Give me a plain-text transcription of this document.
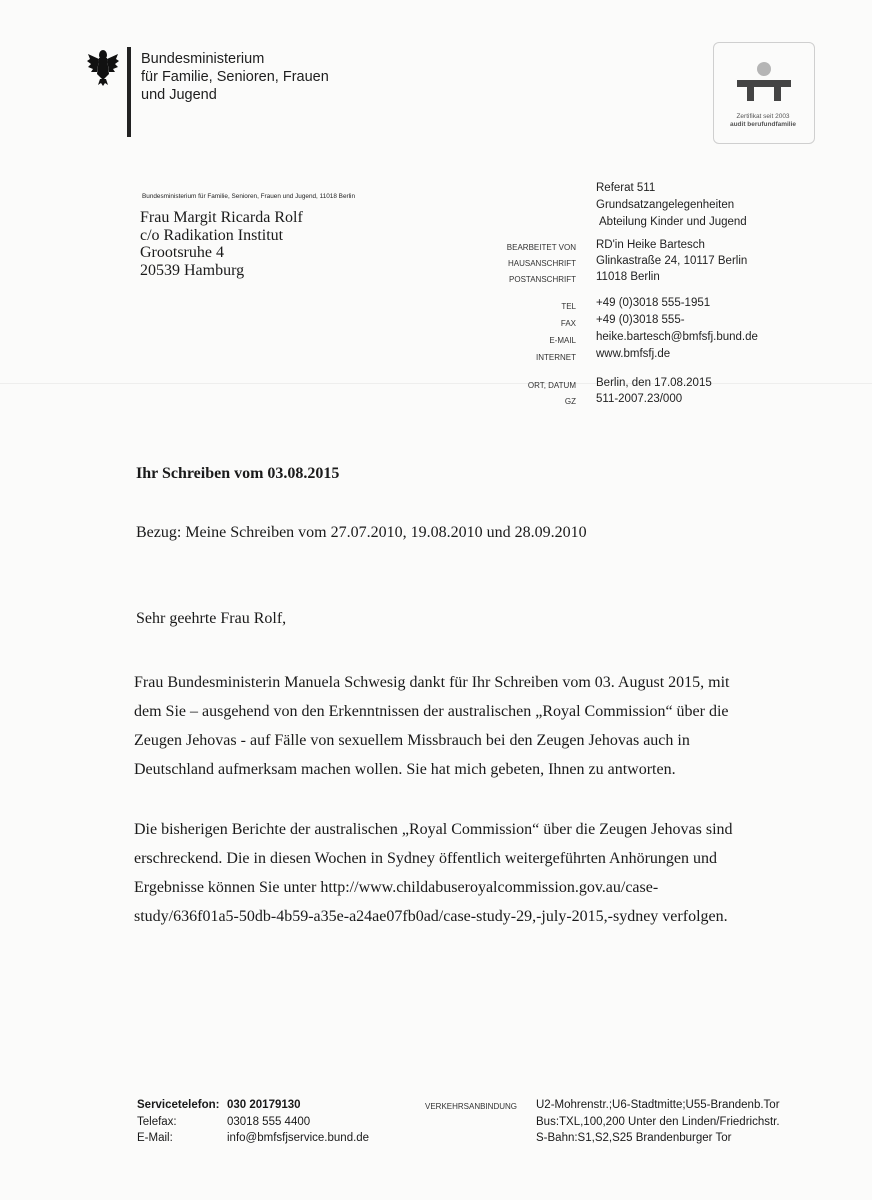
Bundesministerium
für Familie, Senioren, Frauen
und Jugend
Zertifikat seit 2003
audit berufundfamilie
Bundesministerium für Familie, Senioren, Frauen und Jugend, 11018 Berlin
Frau Margit Ricarda Rolf
c/o Radikation Institut
Grootsruhe 4
20539 Hamburg
Referat 511
Grundsatzangelegenheiten
Abteilung Kinder und Jugend
BEARBEITET VON
HAUSANSCHRIFT
POSTANSCHRIFT
RD'in Heike Bartesch
Glinkastraße 24, 10117 Berlin
11018 Berlin
TEL
FAX
E-MAIL
INTERNET
+49 (0)3018 555-1951
+49 (0)3018 555-
heike.bartesch@bmfsfj.bund.de
www.bmfsfj.de
ORT, DATUM
GZ
Berlin, den 17.08.2015
511-2007.23/000
Ihr Schreiben vom 03.08.2015
Bezug: Meine Schreiben vom 27.07.2010, 19.08.2010 und 28.09.2010
Sehr geehrte Frau Rolf,
Frau Bundesministerin Manuela Schwesig dankt für Ihr Schreiben vom 03. August 2015, mit
dem Sie – ausgehend von den Erkenntnissen der australischen „Royal Commission“ über die
Zeugen Jehovas - auf Fälle von sexuellem Missbrauch bei den Zeugen Jehovas auch in
Deutschland aufmerksam machen wollen. Sie hat mich gebeten, Ihnen zu antworten.
Die bisherigen Berichte der australischen „Royal Commission“ über die Zeugen Jehovas sind
erschreckend. Die in diesen Wochen in Sydney öffentlich weitergeführten Anhörungen und
Ergebnisse können Sie unter http://www.childabuseroyalcommission.gov.au/case-
study/636f01a5-50db-4b59-a35e-a24ae07fb0ad/case-study-29,-july-2015,-sydney verfolgen.
Servicetelefon:
Telefax:
E-Mail:
030 20179130
03018 555 4400
info@bmfsfjservice.bund.de
VERKEHRSANBINDUNG U2-Mohrenstr.;U6-Stadtmitte;U55-Brandenb.Tor
Bus:TXL,100,200 Unter den Linden/Friedrichstr.
S-Bahn:S1,S2,S25 Brandenburger Tor
